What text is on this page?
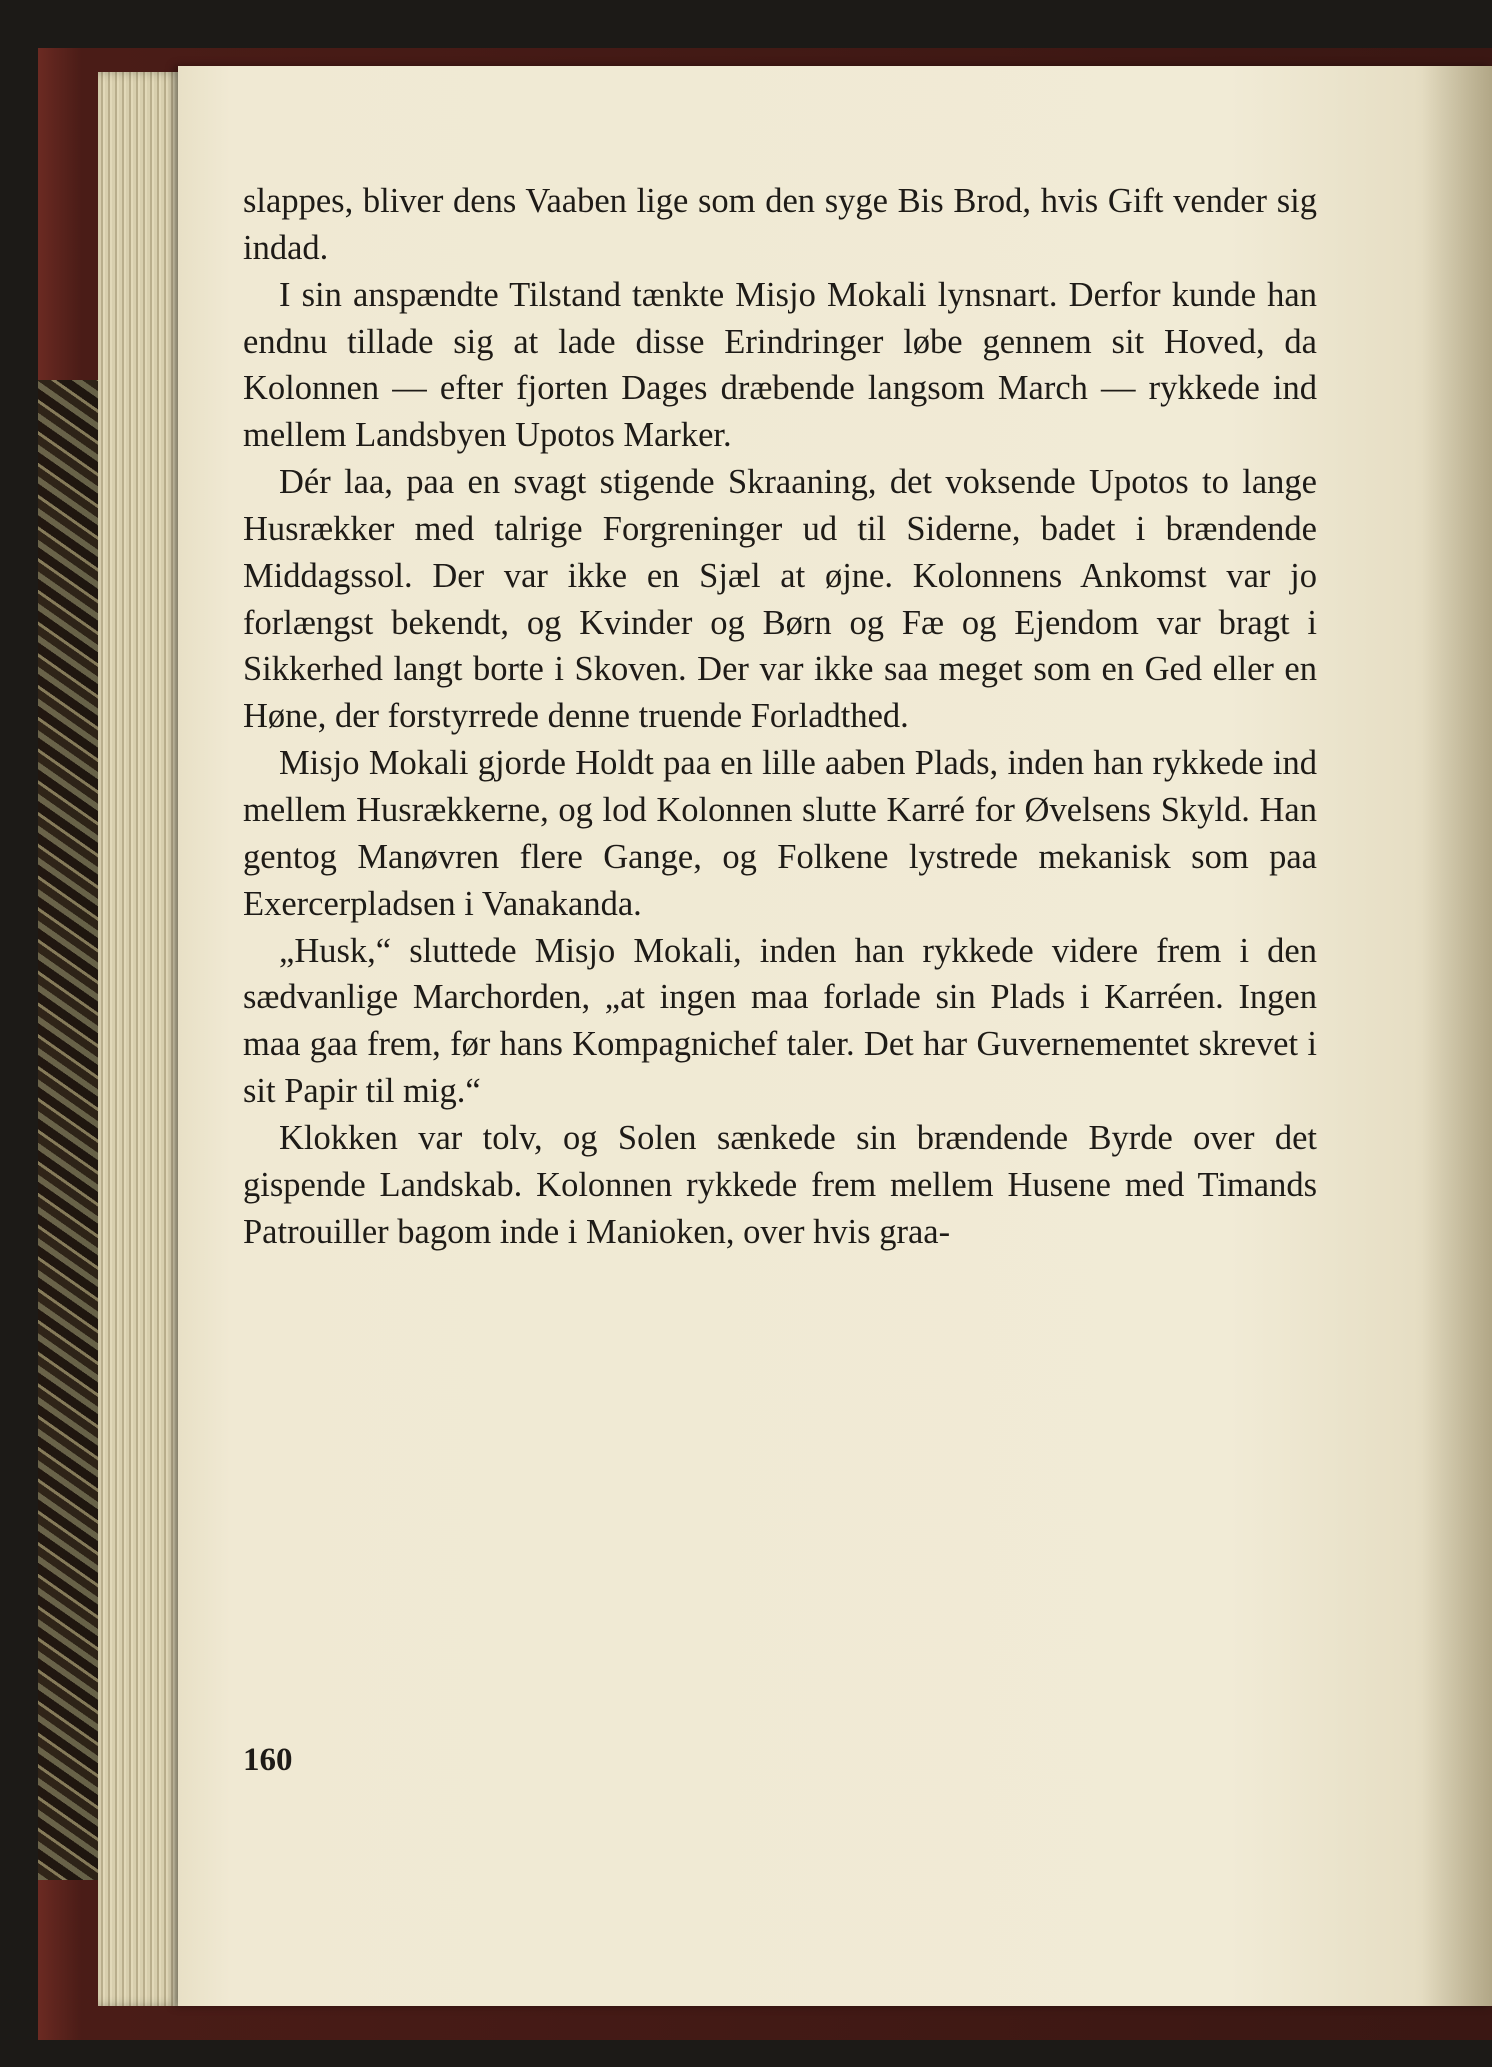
slappes, bliver dens Vaaben lige som den syge Bis Brod, hvis Gift vender sig indad.

I sin anspændte Tilstand tænkte Misjo Mokali lynsnart. Derfor kunde han endnu tillade sig at lade disse Erindringer løbe gennem sit Hoved, da Kolonnen — efter fjorten Dages dræbende langsom March — rykkede ind mellem Landsbyen Upotos Marker.

Dér laa, paa en svagt stigende Skraaning, det voksende Upotos to lange Husrækker med talrige Forgreninger ud til Siderne, badet i brændende Middagssol. Der var ikke en Sjæl at øjne. Kolonnens Ankomst var jo forlængst bekendt, og Kvinder og Børn og Fæ og Ejendom var bragt i Sikkerhed langt borte i Skoven. Der var ikke saa meget som en Ged eller en Høne, der forstyrrede denne truende Forladthed.

Misjo Mokali gjorde Holdt paa en lille aaben Plads, inden han rykkede ind mellem Husrækkerne, og lod Kolonnen slutte Karré for Øvelsens Skyld. Han gentog Manøvren flere Gange, og Folkene lystrede mekanisk som paa Exercerpladsen i Vanakanda.

„Husk,“ sluttede Misjo Mokali, inden han rykkede videre frem i den sædvanlige Marchorden, „at ingen maa forlade sin Plads i Karréen. Ingen maa gaa frem, før hans Kompagnichef taler. Det har Guvernementet skrevet i sit Papir til mig.“

Klokken var tolv, og Solen sænkede sin brændende Byrde over det gispende Landskab. Kolonnen rykkede frem mellem Husene med Timands Patrouiller bagom inde i Manioken, over hvis graa-

160
